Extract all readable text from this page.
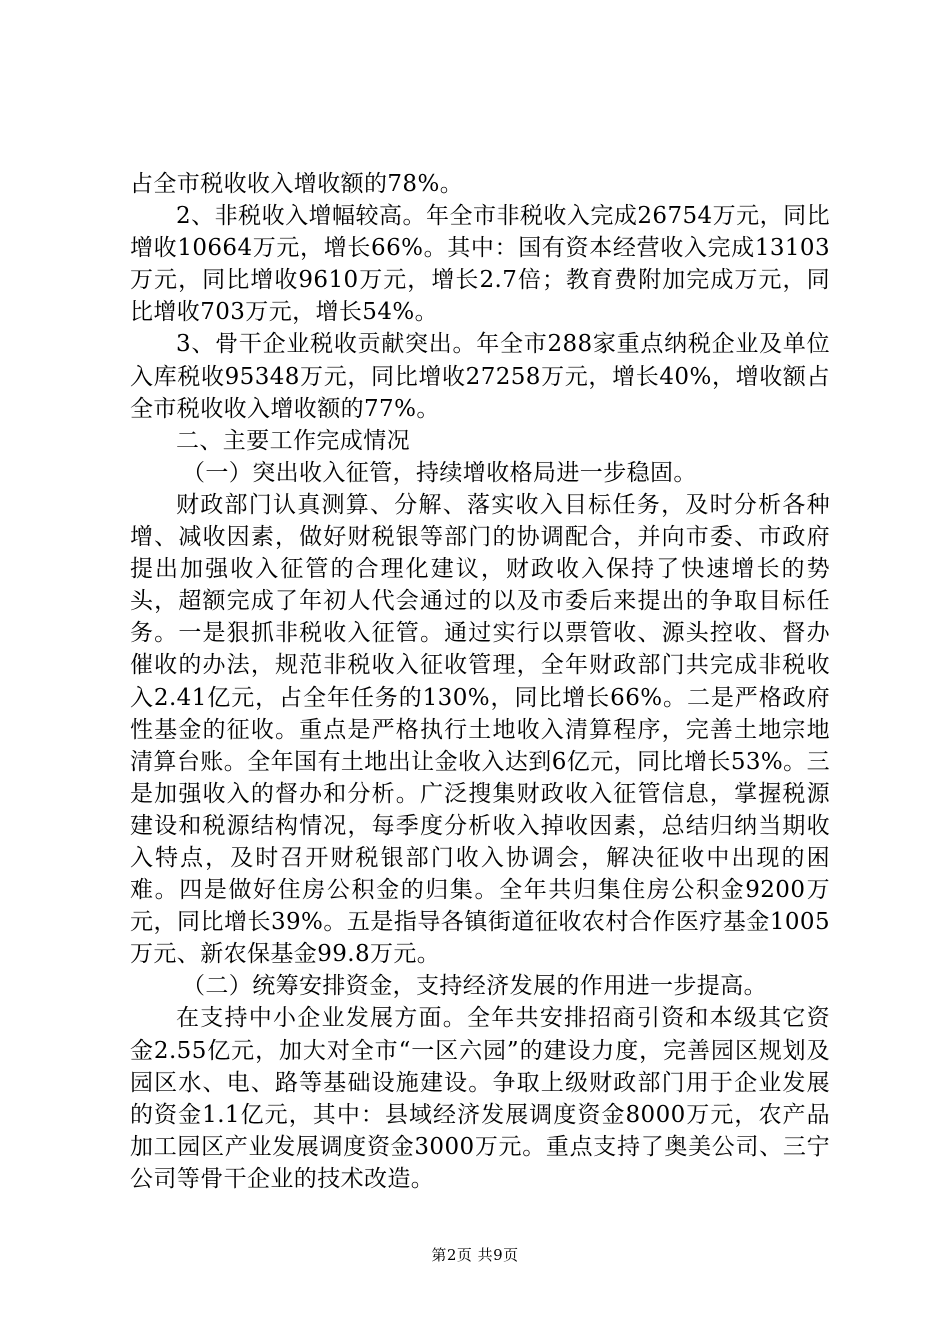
占全市税收收入增收额的78%。

2、非税收入增幅较高。年全市非税收入完成26754万元，同比增收10664万元，增长66%。其中：国有资本经营收入完成13103万元，同比增收9610万元，增长2.7倍；教育费附加完成万元，同比增收703万元，增长54%。

3、骨干企业税收贡献突出。年全市288家重点纳税企业及单位入库税收95348万元，同比增收27258万元，增长40%，增收额占全市税收收入增收额的77%。

二、主要工作完成情况

（一）突出收入征管，持续增收格局进一步稳固。

财政部门认真测算、分解、落实收入目标任务，及时分析各种增、减收因素，做好财税银等部门的协调配合，并向市委、市政府提出加强收入征管的合理化建议，财政收入保持了快速增长的势头，超额完成了年初人代会通过的以及市委后来提出的争取目标任务。一是狠抓非税收入征管。通过实行以票管收、源头控收、督办催收的办法，规范非税收入征收管理，全年财政部门共完成非税收入2.41亿元，占全年任务的130%，同比增长66%。二是严格政府性基金的征收。重点是严格执行土地收入清算程序，完善土地宗地清算台账。全年国有土地出让金收入达到6亿元，同比增长53%。三是加强收入的督办和分析。广泛搜集财政收入征管信息，掌握税源建设和税源结构情况，每季度分析收入掉收因素，总结归纳当期收入特点，及时召开财税银部门收入协调会，解决征收中出现的困难。四是做好住房公积金的归集。全年共归集住房公积金9200万元，同比增长39%。五是指导各镇街道征收农村合作医疗基金1005万元、新农保基金99.8万元。

（二）统筹安排资金，支持经济发展的作用进一步提高。

在支持中小企业发展方面。全年共安排招商引资和本级其它资金2.55亿元，加大对全市“一区六园”的建设力度，完善园区规划及园区水、电、路等基础设施建设。争取上级财政部门用于企业发展的资金1.1亿元，其中：县域经济发展调度资金8000万元，农产品加工园区产业发展调度资金3000万元。重点支持了奥美公司、三宁公司等骨干企业的技术改造。

第2页 共9页
